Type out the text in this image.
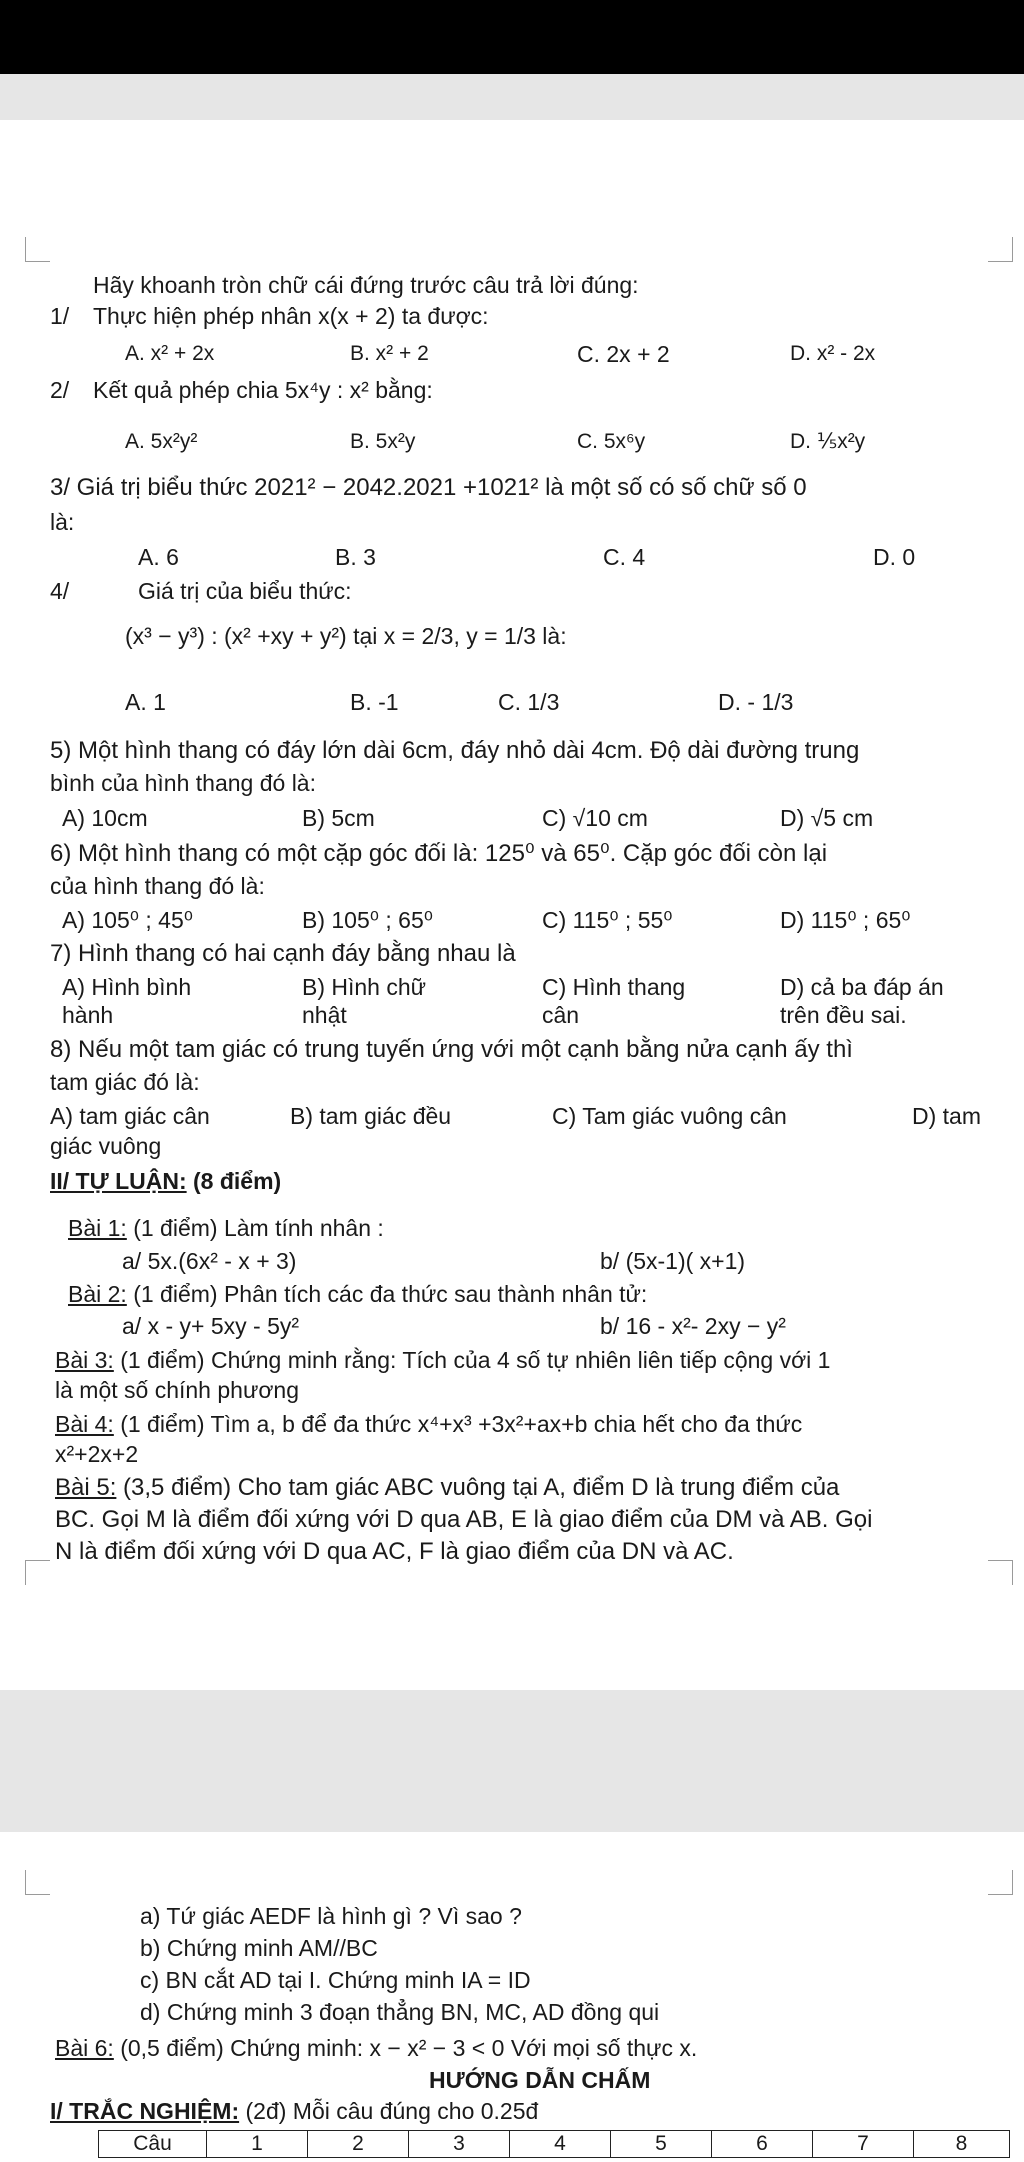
Hãy khoanh tròn chữ cái đứng trước câu trả lời đúng:
1/ Thực hiện phép nhân x(x + 2) ta được:
A. x² + 2x	B. x² + 2	C. 2x + 2	D. x² - 2x
2/ Kết quả phép chia 5x⁴y : x² bằng:
A. 5x²y²	B. 5x²y	C. 5x⁶y	D. ⅕x²y
3/ Giá trị biểu thức 2021² − 2042.2021 +1021² là một số có số chữ số 0
là:
A. 6	B. 3	C. 4	D. 0
4/	Giá trị của biểu thức:
(x³ − y³) : (x² +xy + y²) tại x = 2/3, y = 1/3 là:
A. 1	B. -1	C. 1/3	D. - 1/3
5) Một hình thang có đáy lớn dài 6cm, đáy nhỏ dài 4cm. Độ dài đường trung
bình của hình thang đó là:
A) 10cm	B) 5cm	C) √10 cm	D) √5 cm
6) Một hình thang có một cặp góc đối là: 125⁰ và 65⁰. Cặp góc đối còn lại
của hình thang đó là:
A) 105⁰ ; 45⁰	B) 105⁰ ; 65⁰	C) 115⁰ ; 55⁰	D) 115⁰ ; 65⁰
7) Hình thang có hai cạnh đáy bằng nhau là
A) Hình bình
hành
B) Hình chữ
nhật
C) Hình thang
cân
D) cả ba đáp án
trên đều sai.
8) Nếu một tam giác có trung tuyến ứng với một cạnh bằng nửa cạnh ấy thì
tam giác đó là:
A) tam giác cân	B) tam giác đều	C) Tam giác vuông cân	D) tam
giác vuông
II/ TỰ LUẬN: (8 điểm)
Bài 1: (1 điểm) Làm tính nhân :
a/ 5x.(6x² - x + 3)	b/ (5x-1)( x+1)
Bài 2: (1 điểm) Phân tích các đa thức sau thành nhân tử:
a/ x - y+ 5xy - 5y²	b/ 16 - x²- 2xy − y²
Bài 3: (1 điểm) Chứng minh rằng: Tích của 4 số tự nhiên liên tiếp cộng với 1
là một số chính phương
Bài 4: (1 điểm) Tìm a, b để đa thức x⁴+x³ +3x²+ax+b chia hết cho đa thức
x²+2x+2
Bài 5: (3,5 điểm) Cho tam giác ABC vuông tại A, điểm D là trung điểm của
BC. Gọi M là điểm đối xứng với D qua AB, E là giao điểm của DM và AB. Gọi
N là điểm đối xứng với D qua AC, F là giao điểm của DN và AC.
a) Tứ giác AEDF là hình gì ? Vì sao ?
b) Chứng minh AM//BC
c) BN cắt AD tại I. Chứng minh IA = ID
d) Chứng minh 3 đoạn thẳng BN, MC, AD đồng qui
Bài 6: (0,5 điểm) Chứng minh: x − x² − 3 < 0 Với mọi số thực x.
HƯỚNG DẪN CHẤM
I/ TRẮC NGHIỆM: (2đ) Mỗi câu đúng cho 0.25đ
Câu	1	2	3	4	5	6	7	8
